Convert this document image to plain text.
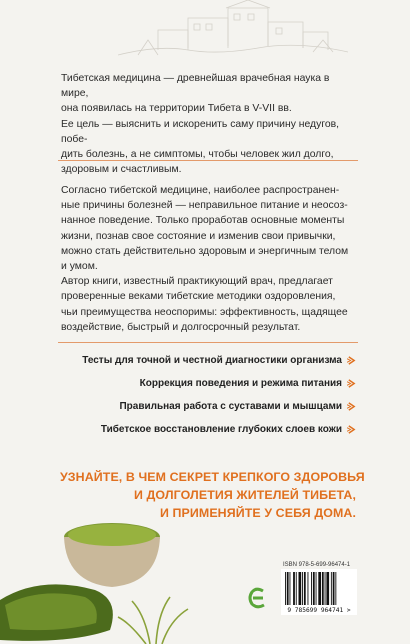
Тибетская медицина — древнейшая врачебная наука в мире,
она появилась на территории Тибета в V-VII вв.
Ее цель — выяснить и искоренить саму причину недугов, побе-
дить болезнь, а не симптомы, чтобы человек жил долго,
здоровым и счастливым.

Согласно тибетской медицине, наиболее распространен-
ные причины болезней — неправильное питание и неосоз-
нанное поведение. Только проработав основные моменты
жизни, познав свое состояние и изменив свои привычки,
можно стать действительно здоровым и энергичным телом
и умом.
Автор книги, известный практикующий врач, предлагает
проверенные веками тибетские методики оздоровления,
чьи преимущества неоспоримы: эффективность, щадящее
воздействие, быстрый и долгосрочный результат.

Тесты для точной и честной диагностики организма
Коррекция поведения и режима питания
Правильная работа с суставами и мышцами
Тибетское восстановление глубоких слоев кожи
УЗНАЙТЕ, В ЧЕМ СЕКРЕТ КРЕПКОГО ЗДОРОВЬЯ
И ДОЛГОЛЕТИЯ ЖИТЕЛЕЙ ТИБЕТА,
И ПРИМЕНЯЙТЕ У СЕБЯ ДОМА.
ISBN 978-5-699-96474-1
9 785699 964741 >
